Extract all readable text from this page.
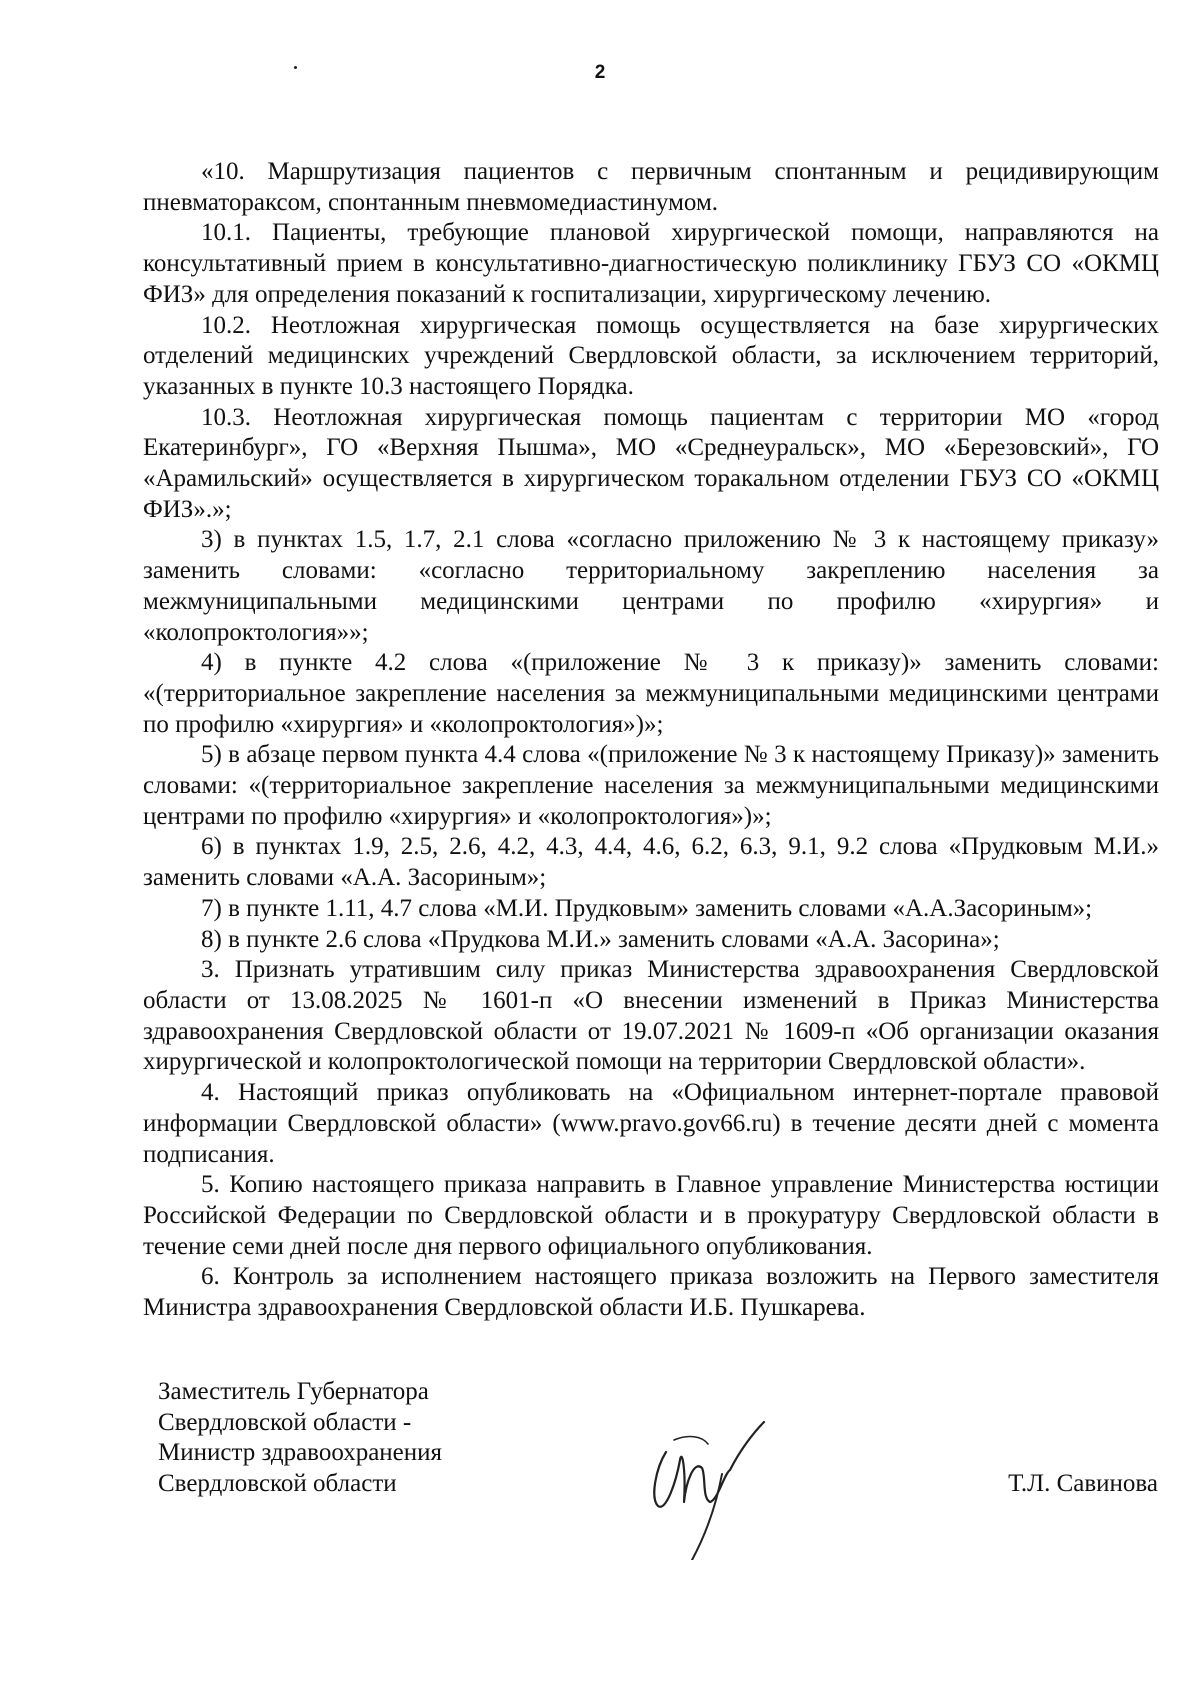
2

«10. Маршрутизация пациентов с первичным спонтанным и рецидивирующим пневматораксом, спонтанным пневмомедиастинумом.

10.1. Пациенты, требующие плановой хирургической помощи, направляются на консультативный прием в консультативно-диагностическую поликлинику ГБУЗ СО «ОКМЦ ФИЗ» для определения показаний к госпитализации, хирургическому лечению.

10.2. Неотложная хирургическая помощь осуществляется на базе хирургических отделений медицинских учреждений Свердловской области, за исключением территорий, указанных в пункте 10.3 настоящего Порядка.

10.3. Неотложная хирургическая помощь пациентам с территории МО «город Екатеринбург», ГО «Верхняя Пышма», МО «Среднеуральск», МО «Березовский», ГО «Арамильский» осуществляется в хирургическом торакальном отделении ГБУЗ СО «ОКМЦ ФИЗ».»;

3) в пунктах 1.5, 1.7, 2.1 слова «согласно приложению № 3 к настоящему приказу» заменить словами: «согласно территориальному закреплению населения за межмуниципальными медицинскими центрами по профилю «хирургия» и «колопроктология»»;

4) в пункте 4.2 слова «(приложение № 3 к приказу)» заменить словами: «(территориальное закрепление населения за межмуниципальными медицинскими центрами по профилю «хирургия» и «колопроктология»)»;

5) в абзаце первом пункта 4.4 слова «(приложение № 3 к настоящему Приказу)» заменить словами: «(территориальное закрепление населения за межмуниципальными медицинскими центрами по профилю «хирургия» и «колопроктология»)»;

6) в пунктах 1.9, 2.5, 2.6, 4.2, 4.3, 4.4, 4.6, 6.2, 6.3, 9.1, 9.2 слова «Прудковым М.И.» заменить словами «А.А. Засориным»;

7) в пункте 1.11, 4.7 слова «М.И. Прудковым» заменить словами «А.А.Засориным»;

8) в пункте 2.6 слова «Прудкова М.И.» заменить словами «А.А. Засорина»;

3. Признать утратившим силу приказ Министерства здравоохранения Свердловской области от 13.08.2025 № 1601-п «О внесении изменений в Приказ Министерства здравоохранения Свердловской области от 19.07.2021 № 1609-п «Об организации оказания хирургической и колопроктологической помощи на территории Свердловской области».

4. Настоящий приказ опубликовать на «Официальном интернет-портале правовой информации Свердловской области» (www.pravo.gov66.ru) в течение десяти дней с момента подписания.

5. Копию настоящего приказа направить в Главное управление Министерства юстиции Российской Федерации по Свердловской области и в прокуратуру Свердловской области в течение семи дней после дня первого официального опубликования.

6. Контроль за исполнением настоящего приказа возложить на Первого заместителя Министра здравоохранения Свердловской области И.Б. Пушкарева.

Заместитель Губернатора
Свердловской области -
Министр здравоохранения
Свердловской области	Т.Л. Савинова
